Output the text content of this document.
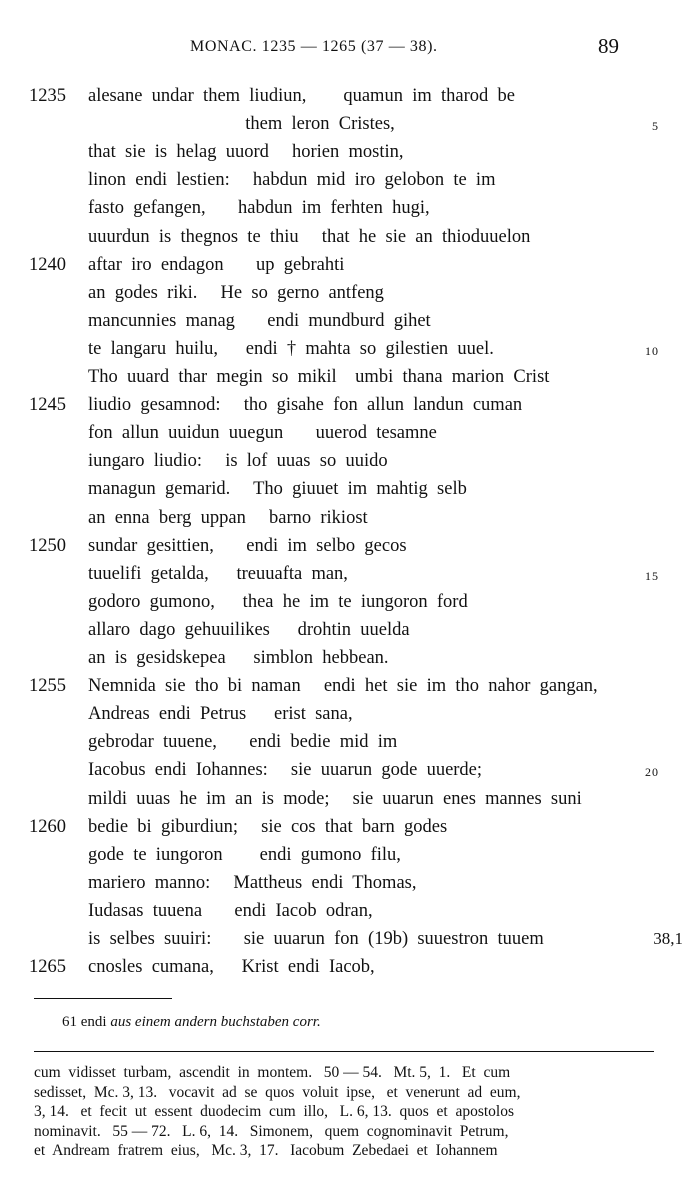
MONAC. 1235 — 1265 (37 — 38).	89
1235	alesane  undar  them  liudiun,        quamun  im  tharod  be
them  leron  Cristes,	5
that  sie  is  helag  uuord     horien  mostin,
linon  endi  lestien:     habdun  mid  iro  gelobon  te  im
fasto  gefangen,       habdun  im  ferhten  hugi,
uuurdun  is  thegnos  te  thiu     that  he  sie  an  thioduuelon
1240	aftar  iro  endagon       up  gebrahti
an  godes  riki.     He  so  gerno  antfeng
mancunnies  manag       endi  mundburd  gihet
te  langaru  huilu,      endi  †  mahta  so  gilestien  uuel.	10
Tho  uuard  thar  megin  so  mikil    umbi  thana  marion  Crist
1245	liudio  gesamnod:     tho  gisahe  fon  allun  landun  cuman
fon  allun  uuidun  uuegun       uuerod  tesamne
iungaro  liudio:     is  lof  uuas  so  uuido
managun  gemarid.     Tho  giuuet  im  mahtig  selb
an  enna  berg  uppan     barno  rikiost
1250	sundar  gesittien,       endi  im  selbo  gecos
tuuelifi  getalda,      treuuafta  man,	15
godoro  gumono,      thea  he  im  te  iungoron  ford
allaro  dago  gehuuilikes      drohtin  uuelda
an  is  gesidskepea      simblon  hebbean.
1255	Nemnida  sie  tho  bi  naman     endi  het  sie  im  tho  nahor  gangan,
Andreas  endi  Petrus      erist  sana,
gebrodar  tuuene,       endi  bedie  mid  im
Iacobus  endi  Iohannes:     sie  uuarun  gode  uuerde;	20
mildi  uuas  he  im  an  is  mode;     sie  uuarun  enes  mannes  suni
1260	bedie  bi  giburdiun;     sie  cos  that  barn  godes
gode  te  iungoron        endi  gumono  filu,
mariero  manno:     Mattheus  endi  Thomas,
Iudasas  tuuena       endi  Iacob  odran,
is  selbes  suuiri:       sie  uuarun  fon  (19b)  suuestron  tuuem	38,1
1265	cnosles  cumana,      Krist  endi  Iacob,
61 endi aus einem andern buchstaben corr.
cum  vidisset  turbam,  ascendit  in  montem.   50 — 54.   Mt. 5,  1.   Et  cum
sedisset,  Mc. 3, 13.   vocavit  ad  se  quos  voluit  ipse,   et  venerunt  ad  eum,
3, 14.   et  fecit  ut  essent  duodecim  cum  illo,   L. 6, 13.  quos  et  apostolos
nominavit.   55 — 72.   L. 6,  14.   Simonem,   quem  cognominavit  Petrum,
et  Andream  fratrem  eius,   Mc. 3,  17.   Iacobum  Zebedaei  et  Iohannem
